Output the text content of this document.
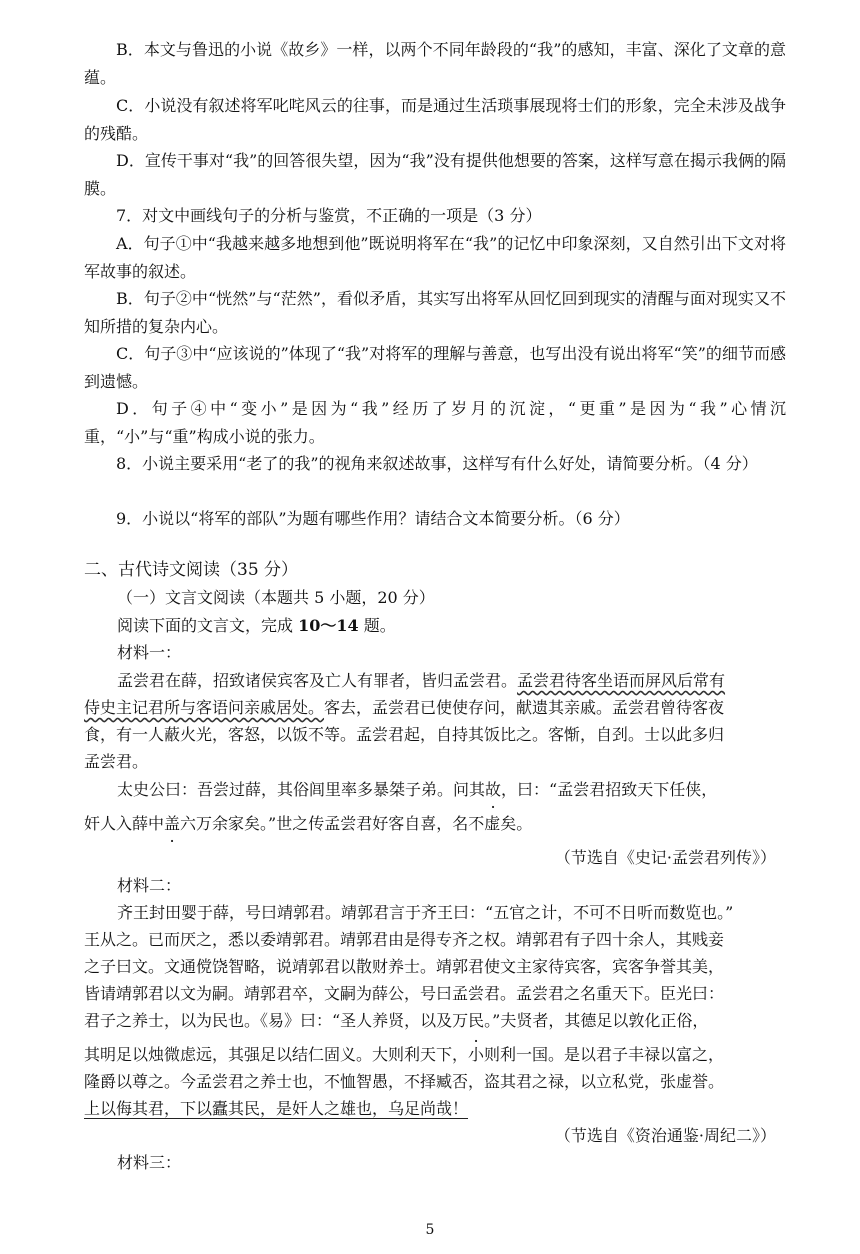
B．本文与鲁迅的小说《故乡》一样，以两个不同年龄段的“我”的感知，丰富、深化了文章的意蕴。

C．小说没有叙述将军叱咤风云的往事，而是通过生活琐事展现将士们的形象，完全未涉及战争的残酷。

D．宣传干事对“我”的回答很失望，因为“我”没有提供他想要的答案，这样写意在揭示我俩的隔膜。

7．对文中画线句子的分析与鉴赏，不正确的一项是（3 分）

A．句子①中“我越来越多地想到他”既说明将军在“我”的记忆中印象深刻，又自然引出下文对将军故事的叙述。

B．句子②中“恍然”与“茫然”，看似矛盾，其实写出将军从回忆回到现实的清醒与面对现实又不知所措的复杂内心。

C．句子③中“应该说的”体现了“我”对将军的理解与善意，也写出没有说出将军“笑”的细节而感到遗憾。

D．句子④中“变小”是因为“我”经历了岁月的沉淀，“更重”是因为“我”心情沉重，“小”与“重”构成小说的张力。

8．小说主要采用“老了的我”的视角来叙述故事，这样写有什么好处，请简要分析。（4 分）

9．小说以“将军的部队”为题有哪些作用？请结合文本简要分析。（6 分）

二、古代诗文阅读（35 分）

（一）文言文阅读（本题共 5 小题，20 分）

阅读下面的文言文，完成 10～14 题。

材料一：

孟尝君在薛，招致诸侯宾客及亡人有罪者，皆归孟尝君。孟尝君待客坐语而屏风后常有

侍史主记君所与客语问亲戚居处。客去，孟尝君已使使存问，献遗其亲戚。孟尝君曾待客夜

食，有一人蔽火光，客怒，以饭不等。孟尝君起，自持其饭比之。客惭，自刭。士以此多归

孟尝君。

太史公曰：吾尝过薛，其俗闾里率多暴桀子弟。问其故，曰：“孟尝君招致天下任侠，

奸人入薛中盖六万余家矣。”世之传孟尝君好客自喜，名不虚矣。

（节选自《史记·孟尝君列传》）

材料二：

齐王封田婴于薛，号曰靖郭君。靖郭君言于齐王曰：“五官之计，不可不日听而数览也。”

王从之。已而厌之，悉以委靖郭君。靖郭君由是得专齐之权。靖郭君有子四十余人，其贱妾

之子曰文。文通傥饶智略，说靖郭君以散财养士。靖郭君使文主家待宾客，宾客争誉其美，

皆请靖郭君以文为嗣。靖郭君卒，文嗣为薛公，号曰孟尝君。孟尝君之名重天下。臣光曰：

君子之养士，以为民也。《易》曰：“圣人养贤，以及万民。”夫贤者，其德足以敦化正俗，

其明足以烛微虑远，其强足以结仁固义。大则利天下，小则利一国。是以君子丰禄以富之，

隆爵以尊之。今孟尝君之养士也，不恤智愚，不择臧否，盗其君之禄，以立私党，张虚誉。

上以侮其君，下以蠹其民，是奸人之雄也，乌足尚哉！

（节选自《资治通鉴·周纪二》）

材料三：

5
